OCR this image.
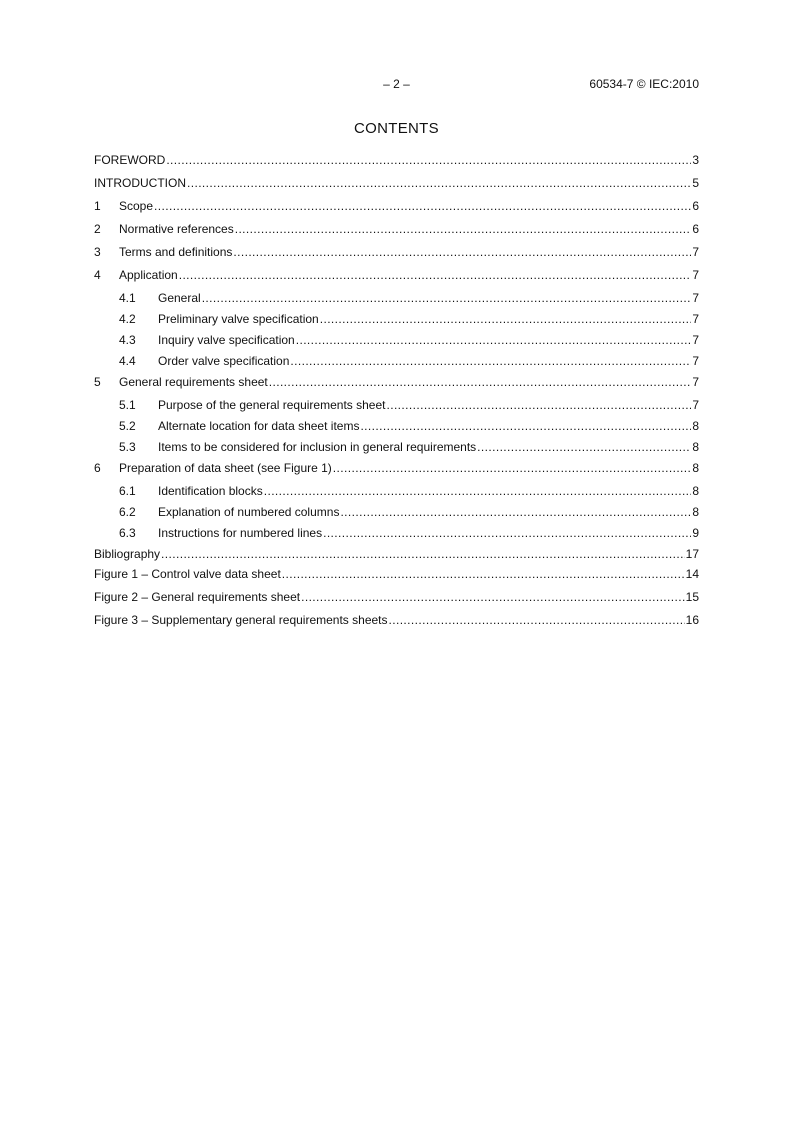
– 2 –	60534-7 © IEC:2010
CONTENTS
FOREWORD .....	3
INTRODUCTION .....	5
1	Scope .....	6
2	Normative references .....	6
3	Terms and definitions .....	7
4	Application .....	7
4.1	General .....	7
4.2	Preliminary valve specification .....	7
4.3	Inquiry valve specification .....	7
4.4	Order valve specification .....	7
5	General requirements sheet .....	7
5.1	Purpose of the general requirements sheet .....	7
5.2	Alternate location for data sheet items .....	8
5.3	Items to be considered for inclusion in general requirements .....	8
6	Preparation of data sheet (see Figure 1) .....	8
6.1	Identification blocks .....	8
6.2	Explanation of numbered columns .....	8
6.3	Instructions for numbered lines .....	9
Bibliography .....	17
Figure 1 – Control valve data sheet .....	14
Figure 2 – General requirements sheet .....	15
Figure 3 – Supplementary general requirements sheets .....	16
